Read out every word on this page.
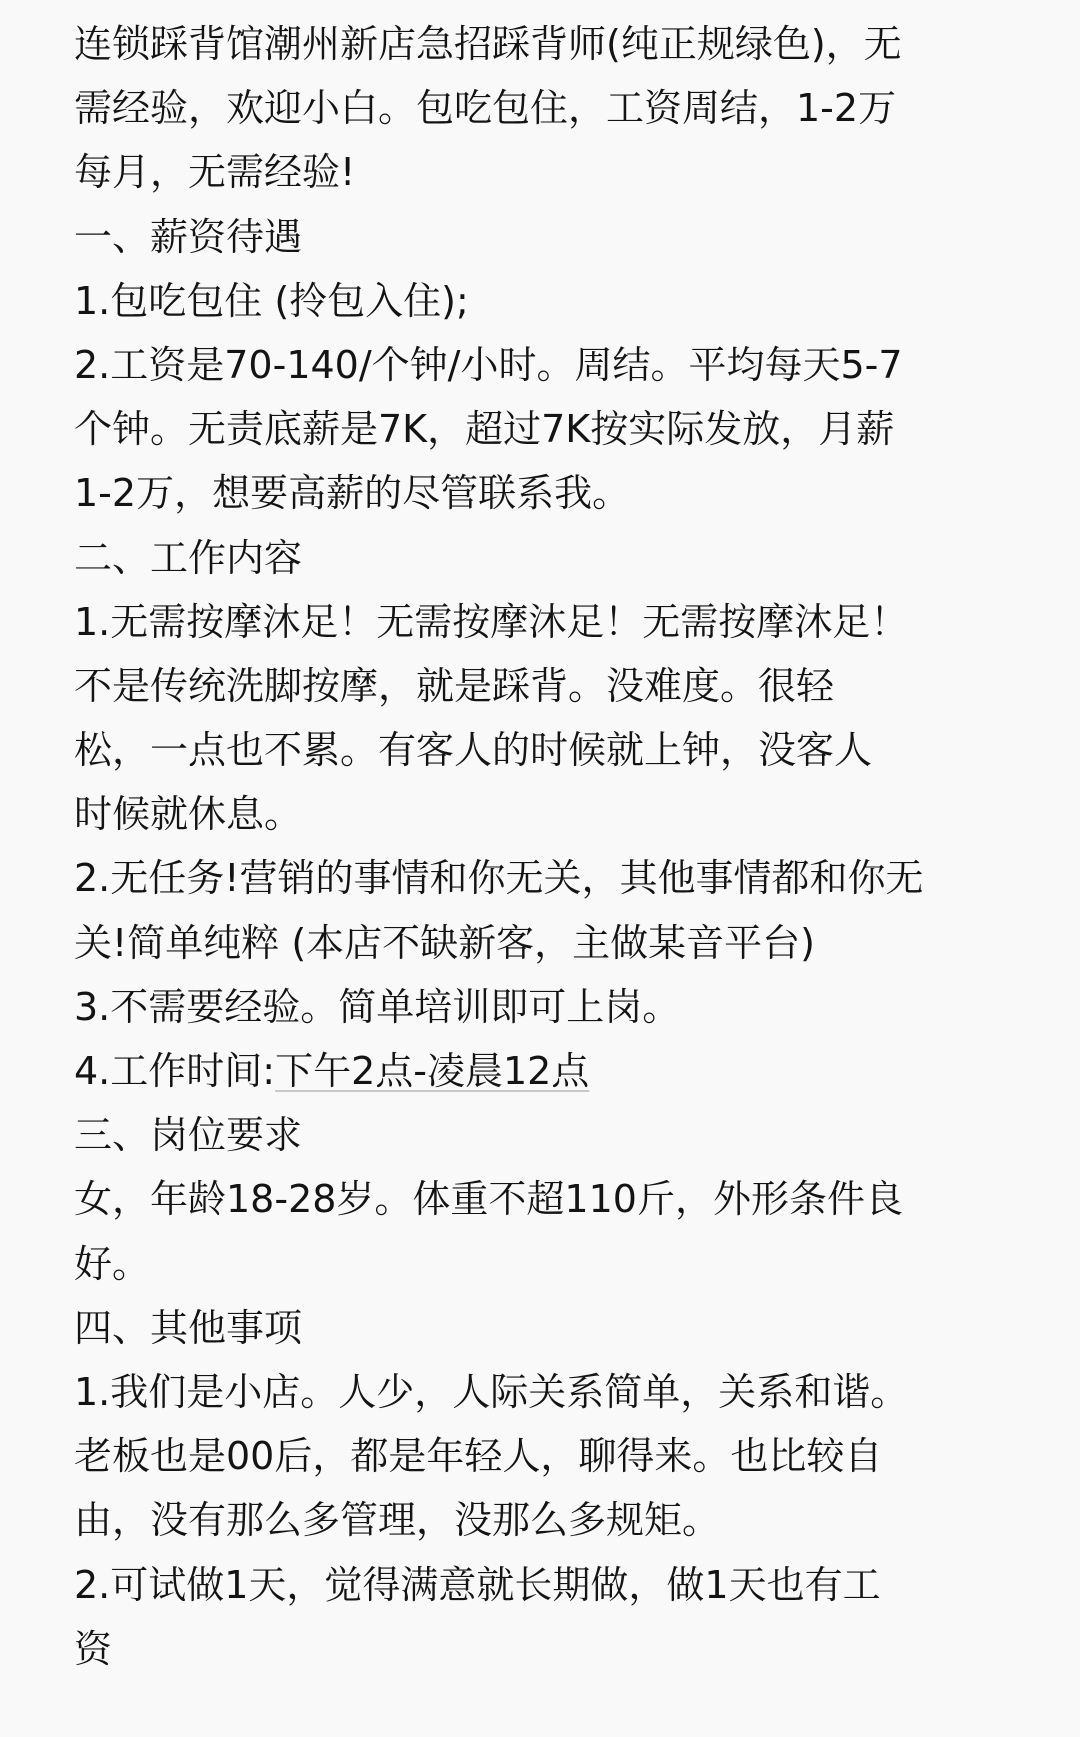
连锁踩背馆潮州新店急招踩背师(纯正规绿色)，无
需经验，欢迎小白。包吃包住，工资周结，1-2万
每月，无需经验!
一、薪资待遇
1.包吃包住 (拎包入住);
2.工资是70-140/个钟/小时。周结。平均每天5-7
个钟。无责底薪是7K，超过7K按实际发放，月薪
1-2万，想要高薪的尽管联系我。
二、工作内容
1.无需按摩沐足！无需按摩沐足！无需按摩沐足！
不是传统洗脚按摩，就是踩背。没难度。很轻
松，一点也不累。有客人的时候就上钟，没客人
时候就休息。
2.无任务!营销的事情和你无关，其他事情都和你无
关!简单纯粹 (本店不缺新客，主做某音平台)
3.不需要经验。简单培训即可上岗。
4.工作时间:下午2点-凌晨12点
三、岗位要求
女，年龄18-28岁。体重不超110斤，外形条件良
好。
四、其他事项
1.我们是小店。人少，人际关系简单，关系和谐。
老板也是00后，都是年轻人，聊得来。也比较自
由，没有那么多管理，没那么多规矩。
2.可试做1天，觉得满意就长期做，做1天也有工
资
